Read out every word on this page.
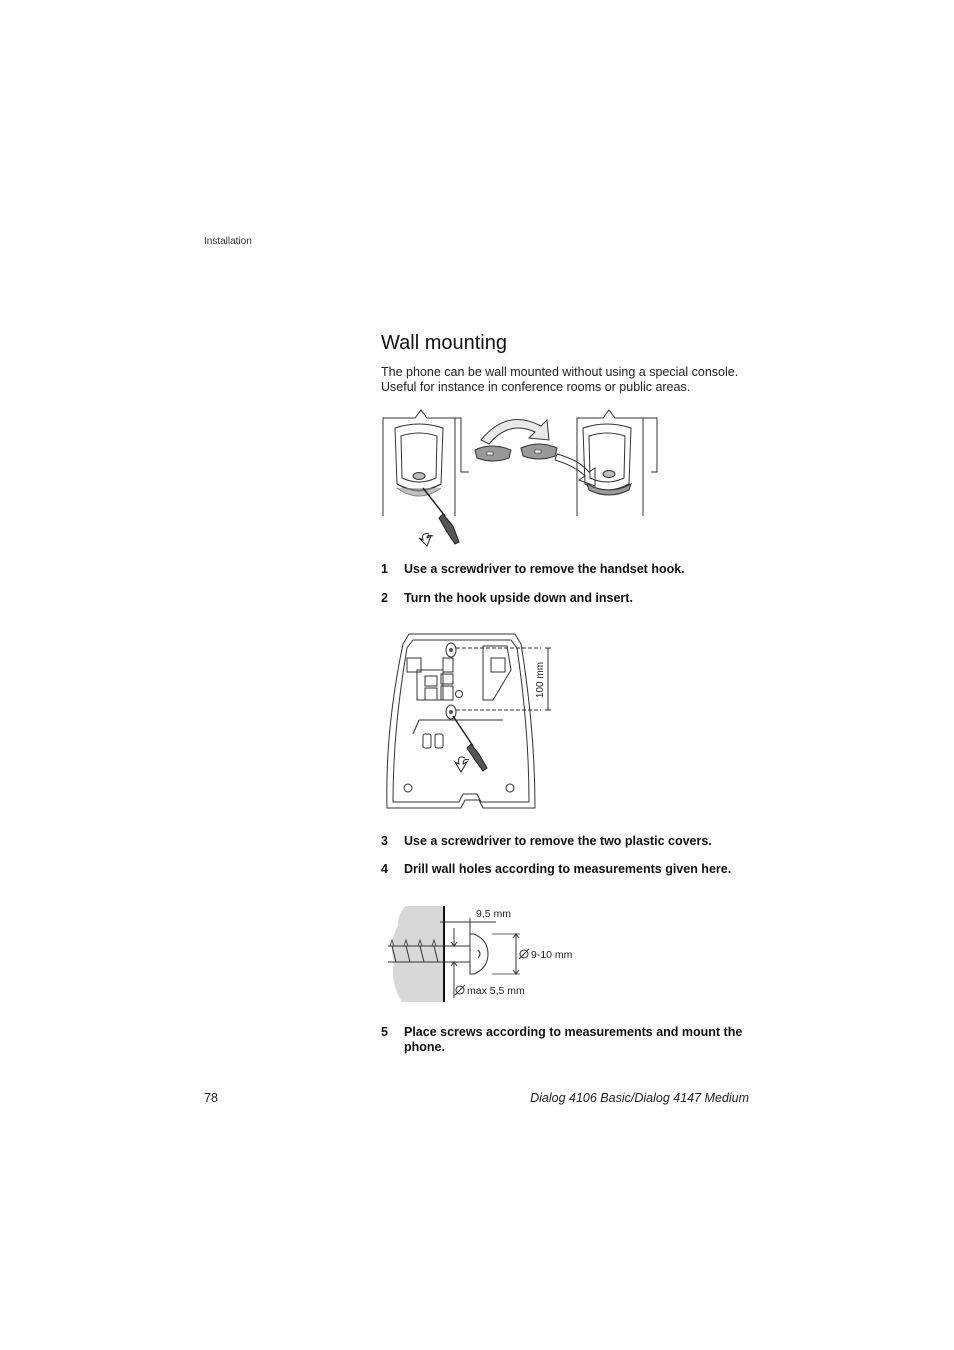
Installation
Wall mounting

The phone can be wall mounted without using a special console. Useful for instance in conference rooms or public areas.

1	Use a screwdriver to remove the handset hook.
2	Turn the hook upside down and insert.
100 mm
3	Use a screwdriver to remove the two plastic covers.
4	Drill wall holes according to measurements given here.
9,5 mm
9-10 mm
max 5,5 mm
5	Place screws according to measurements and mount the phone.
78	Dialog 4106 Basic/Dialog 4147 Medium
